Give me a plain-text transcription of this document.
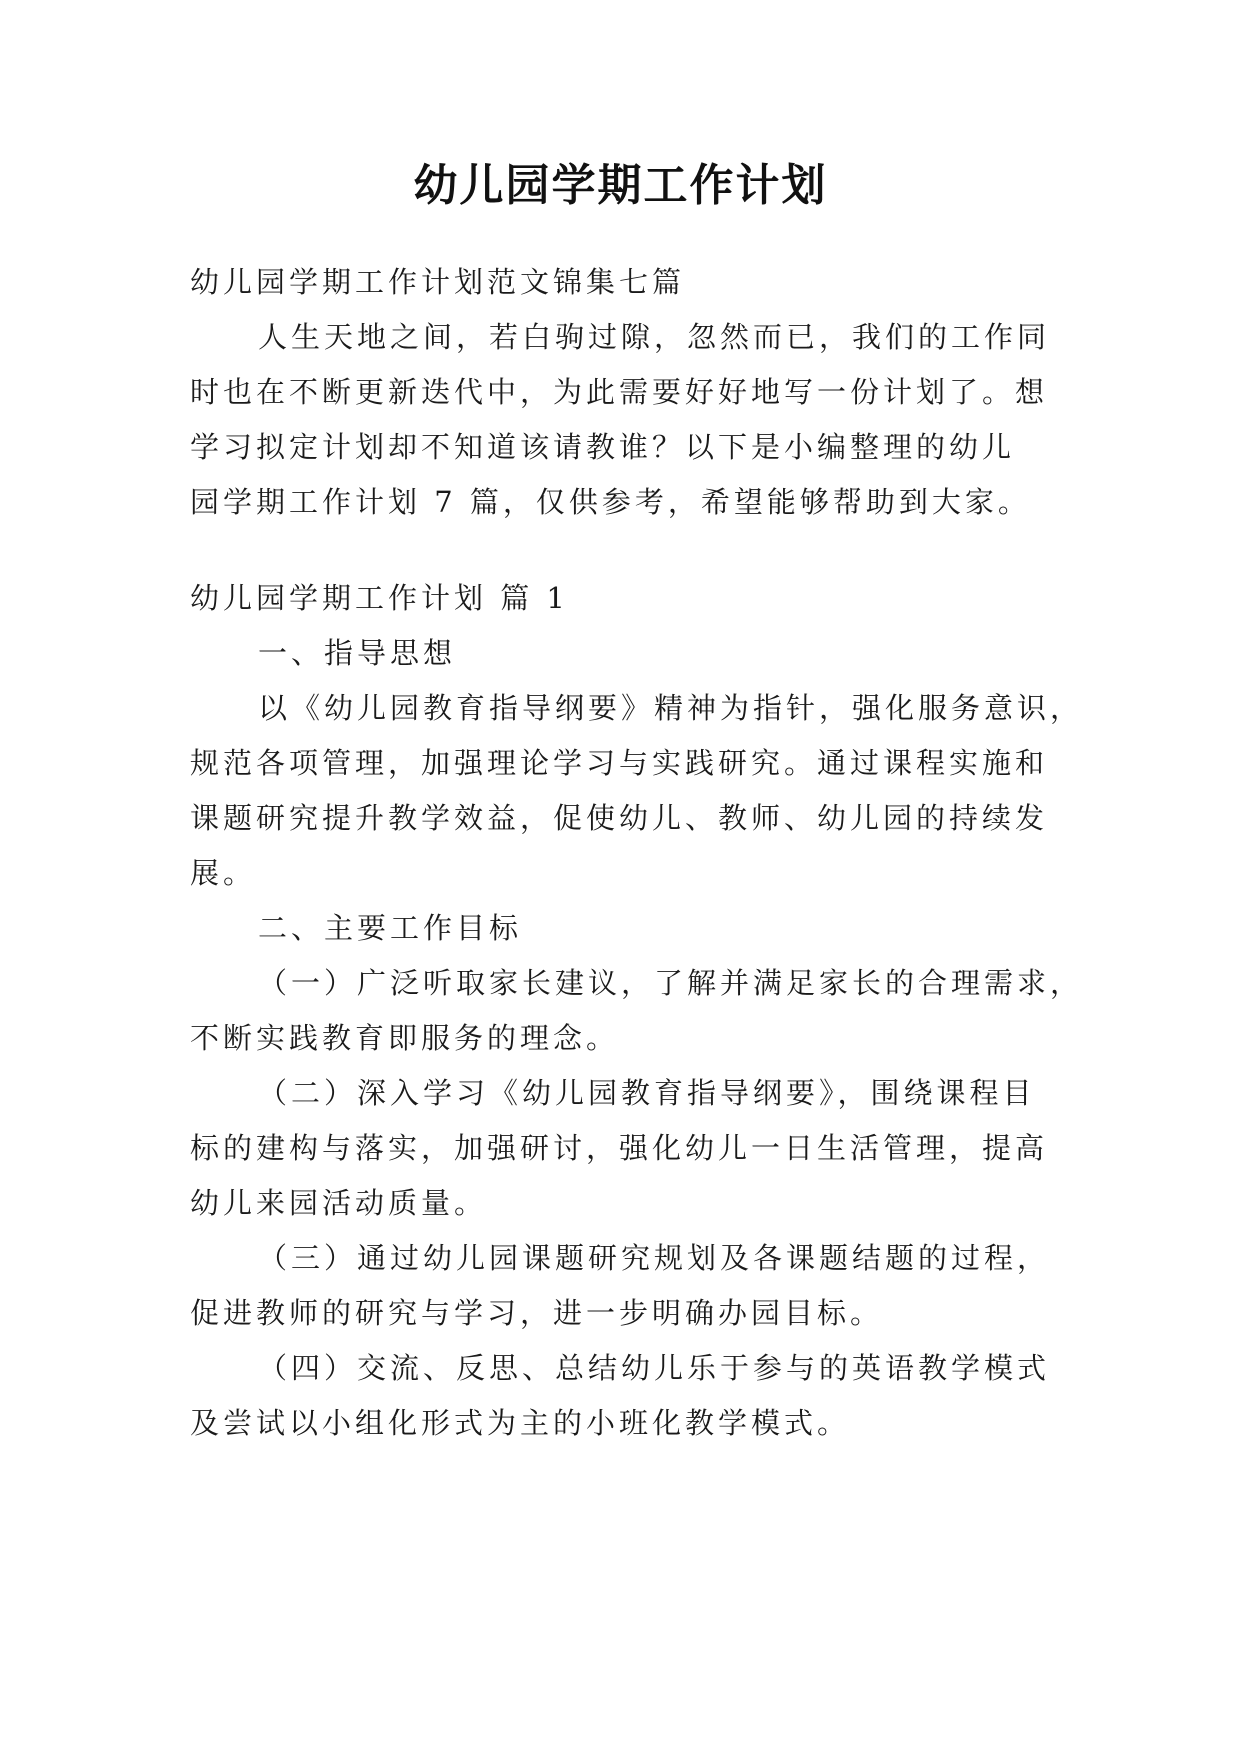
幼儿园学期工作计划
幼儿园学期工作计划范文锦集七篇
人生天地之间，若白驹过隙，忽然而已，我们的工作同
时也在不断更新迭代中，为此需要好好地写一份计划了。想
学习拟定计划却不知道该请教谁？以下是小编整理的幼儿
园学期工作计划 7 篇，仅供参考，希望能够帮助到大家。
幼儿园学期工作计划 篇 1
一、指导思想
以《幼儿园教育指导纲要》精神为指针，强化服务意识，
规范各项管理，加强理论学习与实践研究。通过课程实施和
课题研究提升教学效益，促使幼儿、教师、幼儿园的持续发
展。
二、主要工作目标
（一）广泛听取家长建议，了解并满足家长的合理需求，
不断实践教育即服务的理念。
（二）深入学习《幼儿园教育指导纲要》，围绕课程目
标的建构与落实，加强研讨，强化幼儿一日生活管理，提高
幼儿来园活动质量。
（三）通过幼儿园课题研究规划及各课题结题的过程，
促进教师的研究与学习，进一步明确办园目标。
（四）交流、反思、总结幼儿乐于参与的英语教学模式
及尝试以小组化形式为主的小班化教学模式。
